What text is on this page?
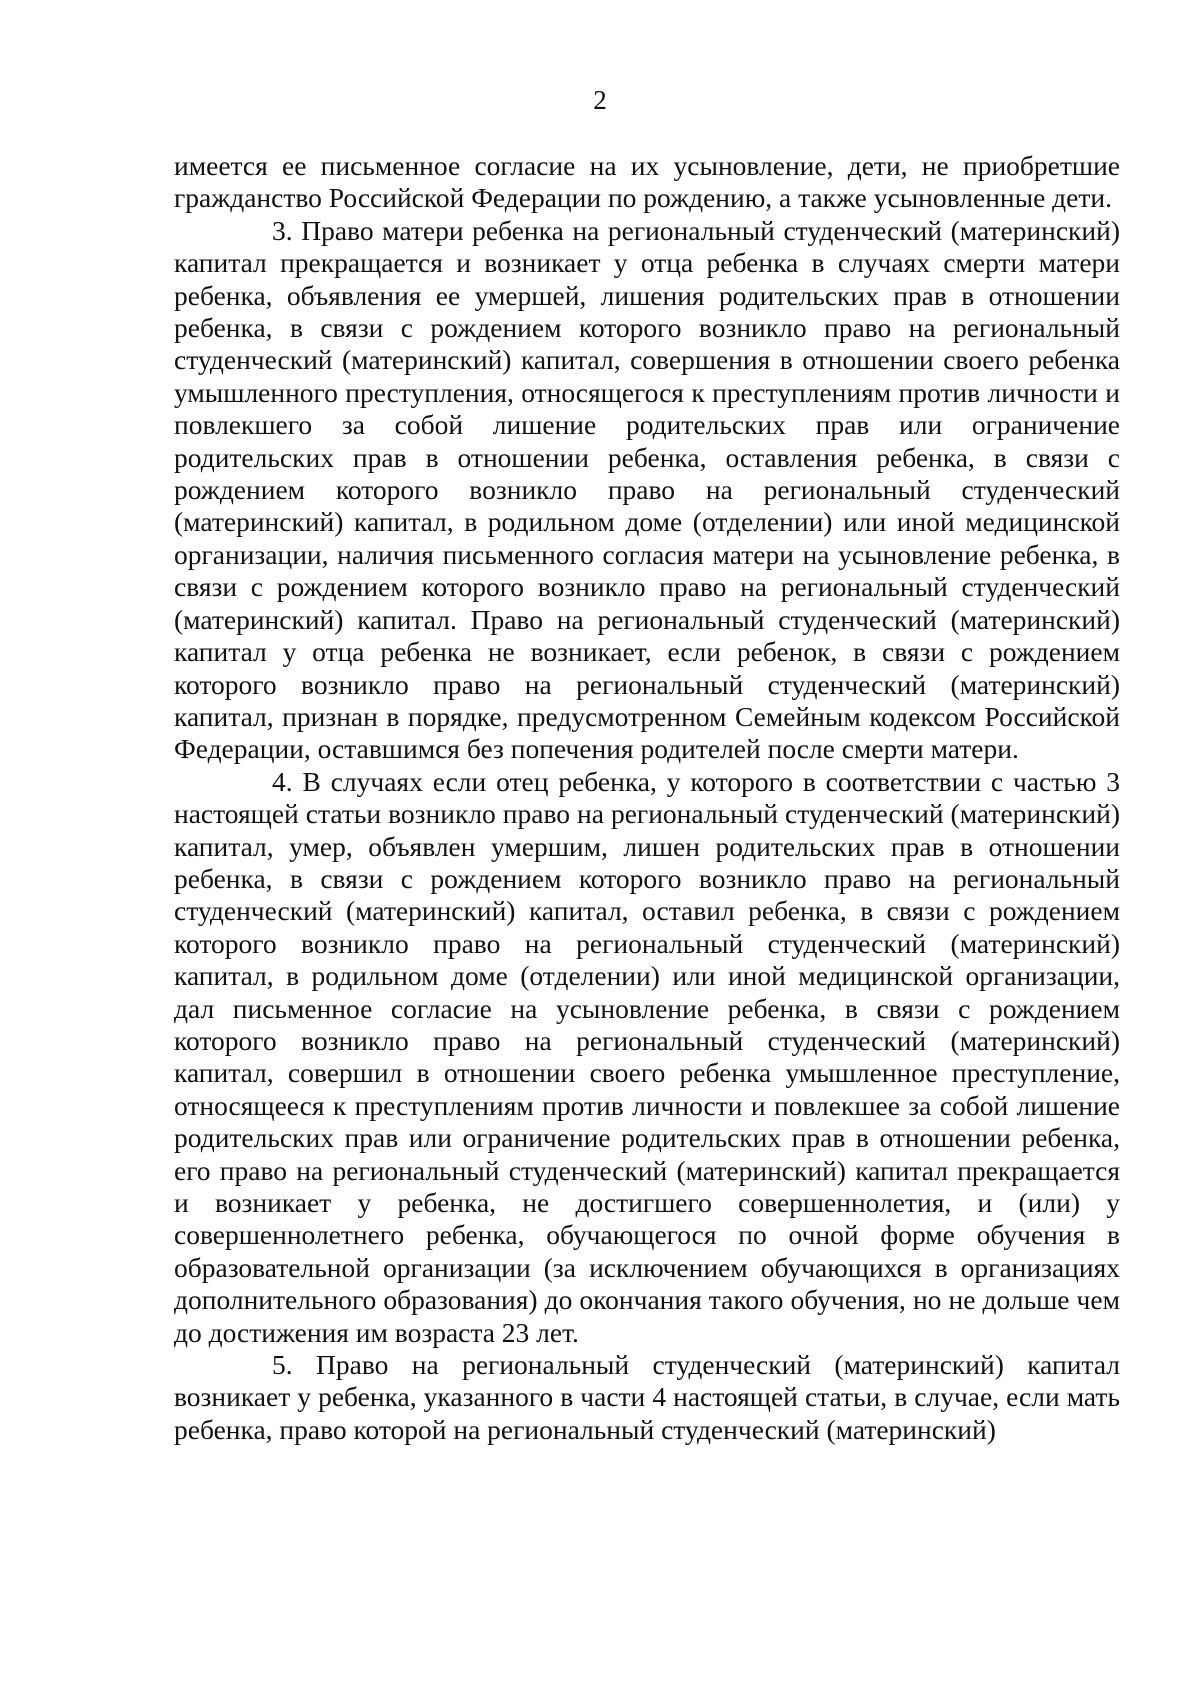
2

имеется ее письменное согласие на их усыновление, дети, не приобретшие гражданство Российской Федерации по рождению, а также усыновленные дети.

3. Право матери ребенка на региональный студенческий (материнский) капитал прекращается и возникает у отца ребенка в случаях смерти матери ребенка, объявления ее умершей, лишения родительских прав в отношении ребенка, в связи с рождением которого возникло право на региональный студенческий (материнский) капитал, совершения в отношении своего ребенка умышленного преступления, относящегося к преступлениям против личности и повлекшего за собой лишение родительских прав или ограничение родительских прав в отношении ребенка, оставления ребенка, в связи с рождением которого возникло право на региональный студенческий (материнский) капитал, в родильном доме (отделении) или иной медицинской организации, наличия письменного согласия матери на усыновление ребенка, в связи с рождением которого возникло право на региональный студенческий (материнский) капитал. Право на региональный студенческий (материнский) капитал у отца ребенка не возникает, если ребенок, в связи с рождением которого возникло право на региональный студенческий (материнский) капитал, признан в порядке, предусмотренном Семейным кодексом Российской Федерации, оставшимся без попечения родителей после смерти матери.

4. В случаях если отец ребенка, у которого в соответствии с частью 3 настоящей статьи возникло право на региональный студенческий (материнский) капитал, умер, объявлен умершим, лишен родительских прав в отношении ребенка, в связи с рождением которого возникло право на региональный студенческий (материнский) капитал, оставил ребенка, в связи с рождением которого возникло право на региональный студенческий (материнский) капитал, в родильном доме (отделении) или иной медицинской организации, дал письменное согласие на усыновление ребенка, в связи с рождением которого возникло право на региональный студенческий (материнский) капитал, совершил в отношении своего ребенка умышленное преступление, относящееся к преступлениям против личности и повлекшее за собой лишение родительских прав или ограничение родительских прав в отношении ребенка, его право на региональный студенческий (материнский) капитал прекращается и возникает у ребенка, не достигшего совершеннолетия, и (или) у совершеннолетнего ребенка, обучающегося по очной форме обучения в образовательной организации (за исключением обучающихся в организациях дополнительного образования) до окончания такого обучения, но не дольше чем до достижения им возраста 23 лет.

5. Право на региональный студенческий (материнский) капитал возникает у ребенка, указанного в части 4 настоящей статьи, в случае, если мать ребенка, право которой на региональный студенческий (материнский)
